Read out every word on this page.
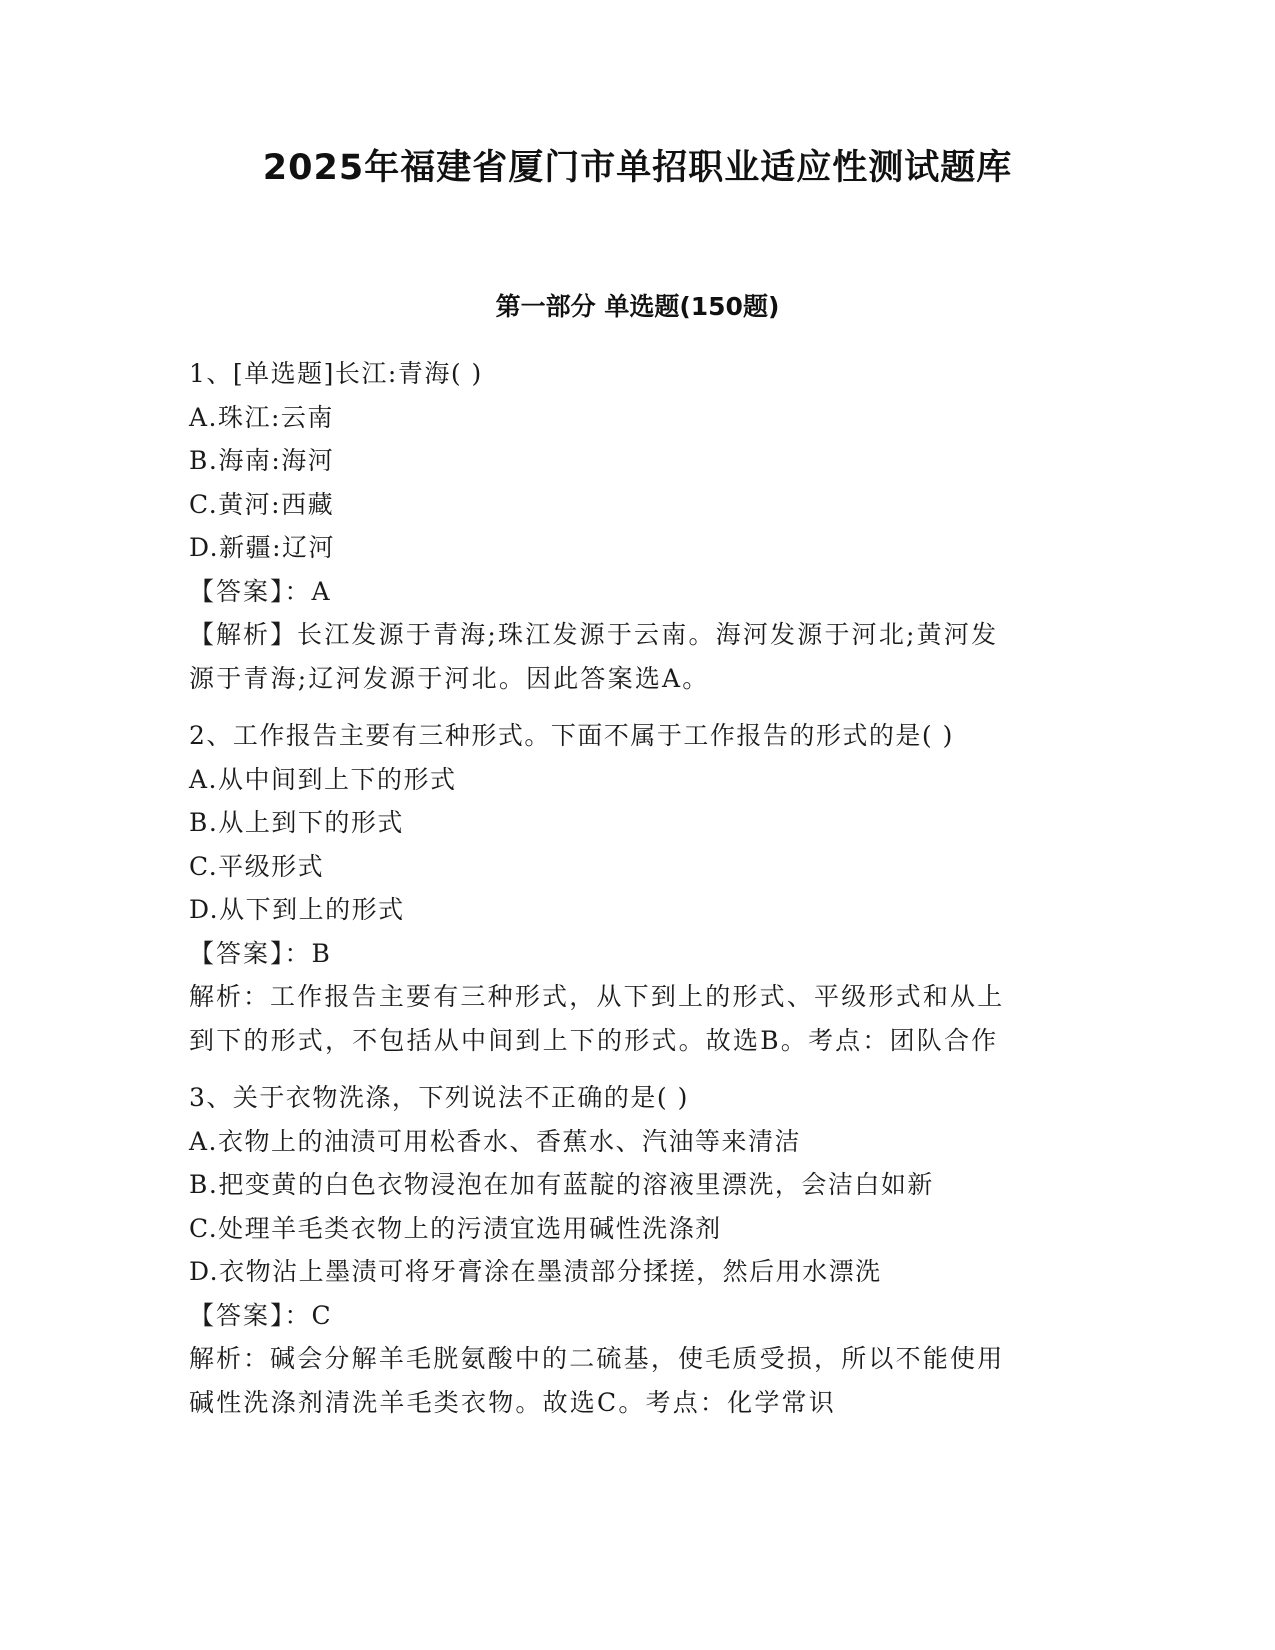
2025年福建省厦门市单招职业适应性测试题库
第一部分 单选题(150题)
1、[单选题]长江:青海( )
A.珠江:云南
B.海南:海河
C.黄河:西藏
D.新疆:辽河
【答案】：A
【解析】长江发源于青海;珠江发源于云南。海河发源于河北;黄河发
源于青海;辽河发源于河北。因此答案选A。
2、工作报告主要有三种形式。下面不属于工作报告的形式的是( )
A.从中间到上下的形式
B.从上到下的形式
C.平级形式
D.从下到上的形式
【答案】：B
解析：工作报告主要有三种形式，从下到上的形式、平级形式和从上
到下的形式，不包括从中间到上下的形式。故选B。考点：团队合作
3、关于衣物洗涤，下列说法不正确的是( )
A.衣物上的油渍可用松香水、香蕉水、汽油等来清洁
B.把变黄的白色衣物浸泡在加有蓝靛的溶液里漂洗，会洁白如新
C.处理羊毛类衣物上的污渍宜选用碱性洗涤剂
D.衣物沾上墨渍可将牙膏涂在墨渍部分揉搓，然后用水漂洗
【答案】：C
解析：碱会分解羊毛胱氨酸中的二硫基，使毛质受损，所以不能使用
碱性洗涤剂清洗羊毛类衣物。故选C。考点：化学常识
